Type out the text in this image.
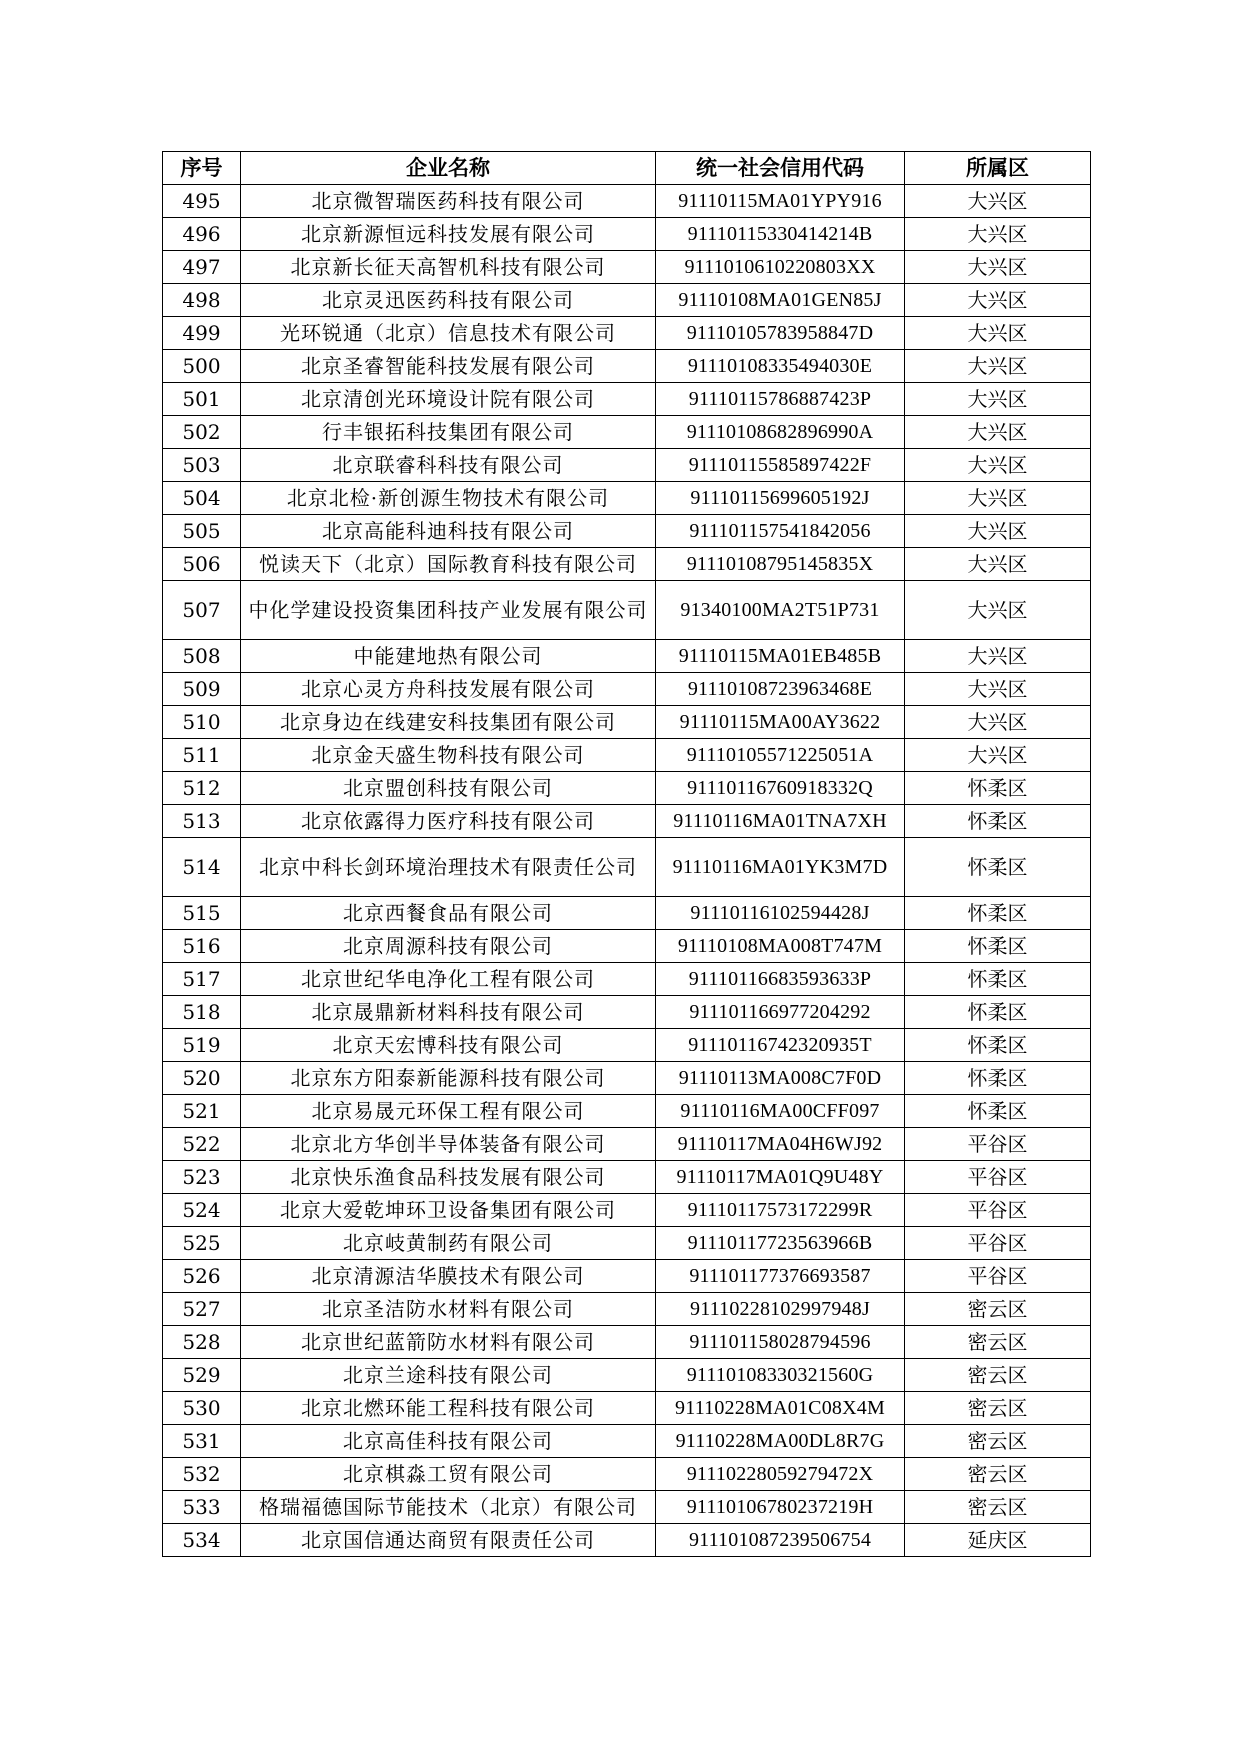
序号	企业名称	统一社会信用代码	所属区
495	北京微智瑞医药科技有限公司	91110115MA01YPY916	大兴区
496	北京新源恒远科技发展有限公司	91110115330414214B	大兴区
497	北京新长征天高智机科技有限公司	9111010610220803XX	大兴区
498	北京灵迅医药科技有限公司	91110108MA01GEN85J	大兴区
499	光环锐通（北京）信息技术有限公司	91110105783958847D	大兴区
500	北京圣睿智能科技发展有限公司	91110108335494030E	大兴区
501	北京清创光环境设计院有限公司	91110115786887423P	大兴区
502	行丰银拓科技集团有限公司	91110108682896990A	大兴区
503	北京联睿科科技有限公司	91110115585897422F	大兴区
504	北京北检·新创源生物技术有限公司	91110115699605192J	大兴区
505	北京高能科迪科技有限公司	911101157541842056	大兴区
506	悦读天下（北京）国际教育科技有限公司	91110108795145835X	大兴区
507	中化学建设投资集团科技产业发展有限公司	91340100MA2T51P731	大兴区
508	中能建地热有限公司	91110115MA01EB485B	大兴区
509	北京心灵方舟科技发展有限公司	91110108723963468E	大兴区
510	北京身边在线建安科技集团有限公司	91110115MA00AY3622	大兴区
511	北京金天盛生物科技有限公司	91110105571225051A	大兴区
512	北京盟创科技有限公司	91110116760918332Q	怀柔区
513	北京依露得力医疗科技有限公司	91110116MA01TNA7XH	怀柔区
514	北京中科长剑环境治理技术有限责任公司	91110116MA01YK3M7D	怀柔区
515	北京西餐食品有限公司	91110116102594428J	怀柔区
516	北京周源科技有限公司	91110108MA008T747M	怀柔区
517	北京世纪华电净化工程有限公司	91110116683593633P	怀柔区
518	北京晟鼎新材料科技有限公司	911101166977204292	怀柔区
519	北京天宏博科技有限公司	91110116742320935T	怀柔区
520	北京东方阳泰新能源科技有限公司	91110113MA008C7F0D	怀柔区
521	北京易晟元环保工程有限公司	91110116MA00CFF097	怀柔区
522	北京北方华创半导体装备有限公司	91110117MA04H6WJ92	平谷区
523	北京快乐渔食品科技发展有限公司	91110117MA01Q9U48Y	平谷区
524	北京大爱乾坤环卫设备集团有限公司	91110117573172299R	平谷区
525	北京岐黄制药有限公司	91110117723563966B	平谷区
526	北京清源洁华膜技术有限公司	911101177376693587	平谷区
527	北京圣洁防水材料有限公司	91110228102997948J	密云区
528	北京世纪蓝箭防水材料有限公司	911101158028794596	密云区
529	北京兰途科技有限公司	91110108330321560G	密云区
530	北京北燃环能工程科技有限公司	91110228MA01C08X4M	密云区
531	北京高佳科技有限公司	91110228MA00DL8R7G	密云区
532	北京棋淼工贸有限公司	91110228059279472X	密云区
533	格瑞福德国际节能技术（北京）有限公司	91110106780237219H	密云区
534	北京国信通达商贸有限责任公司	911101087239506754	延庆区
